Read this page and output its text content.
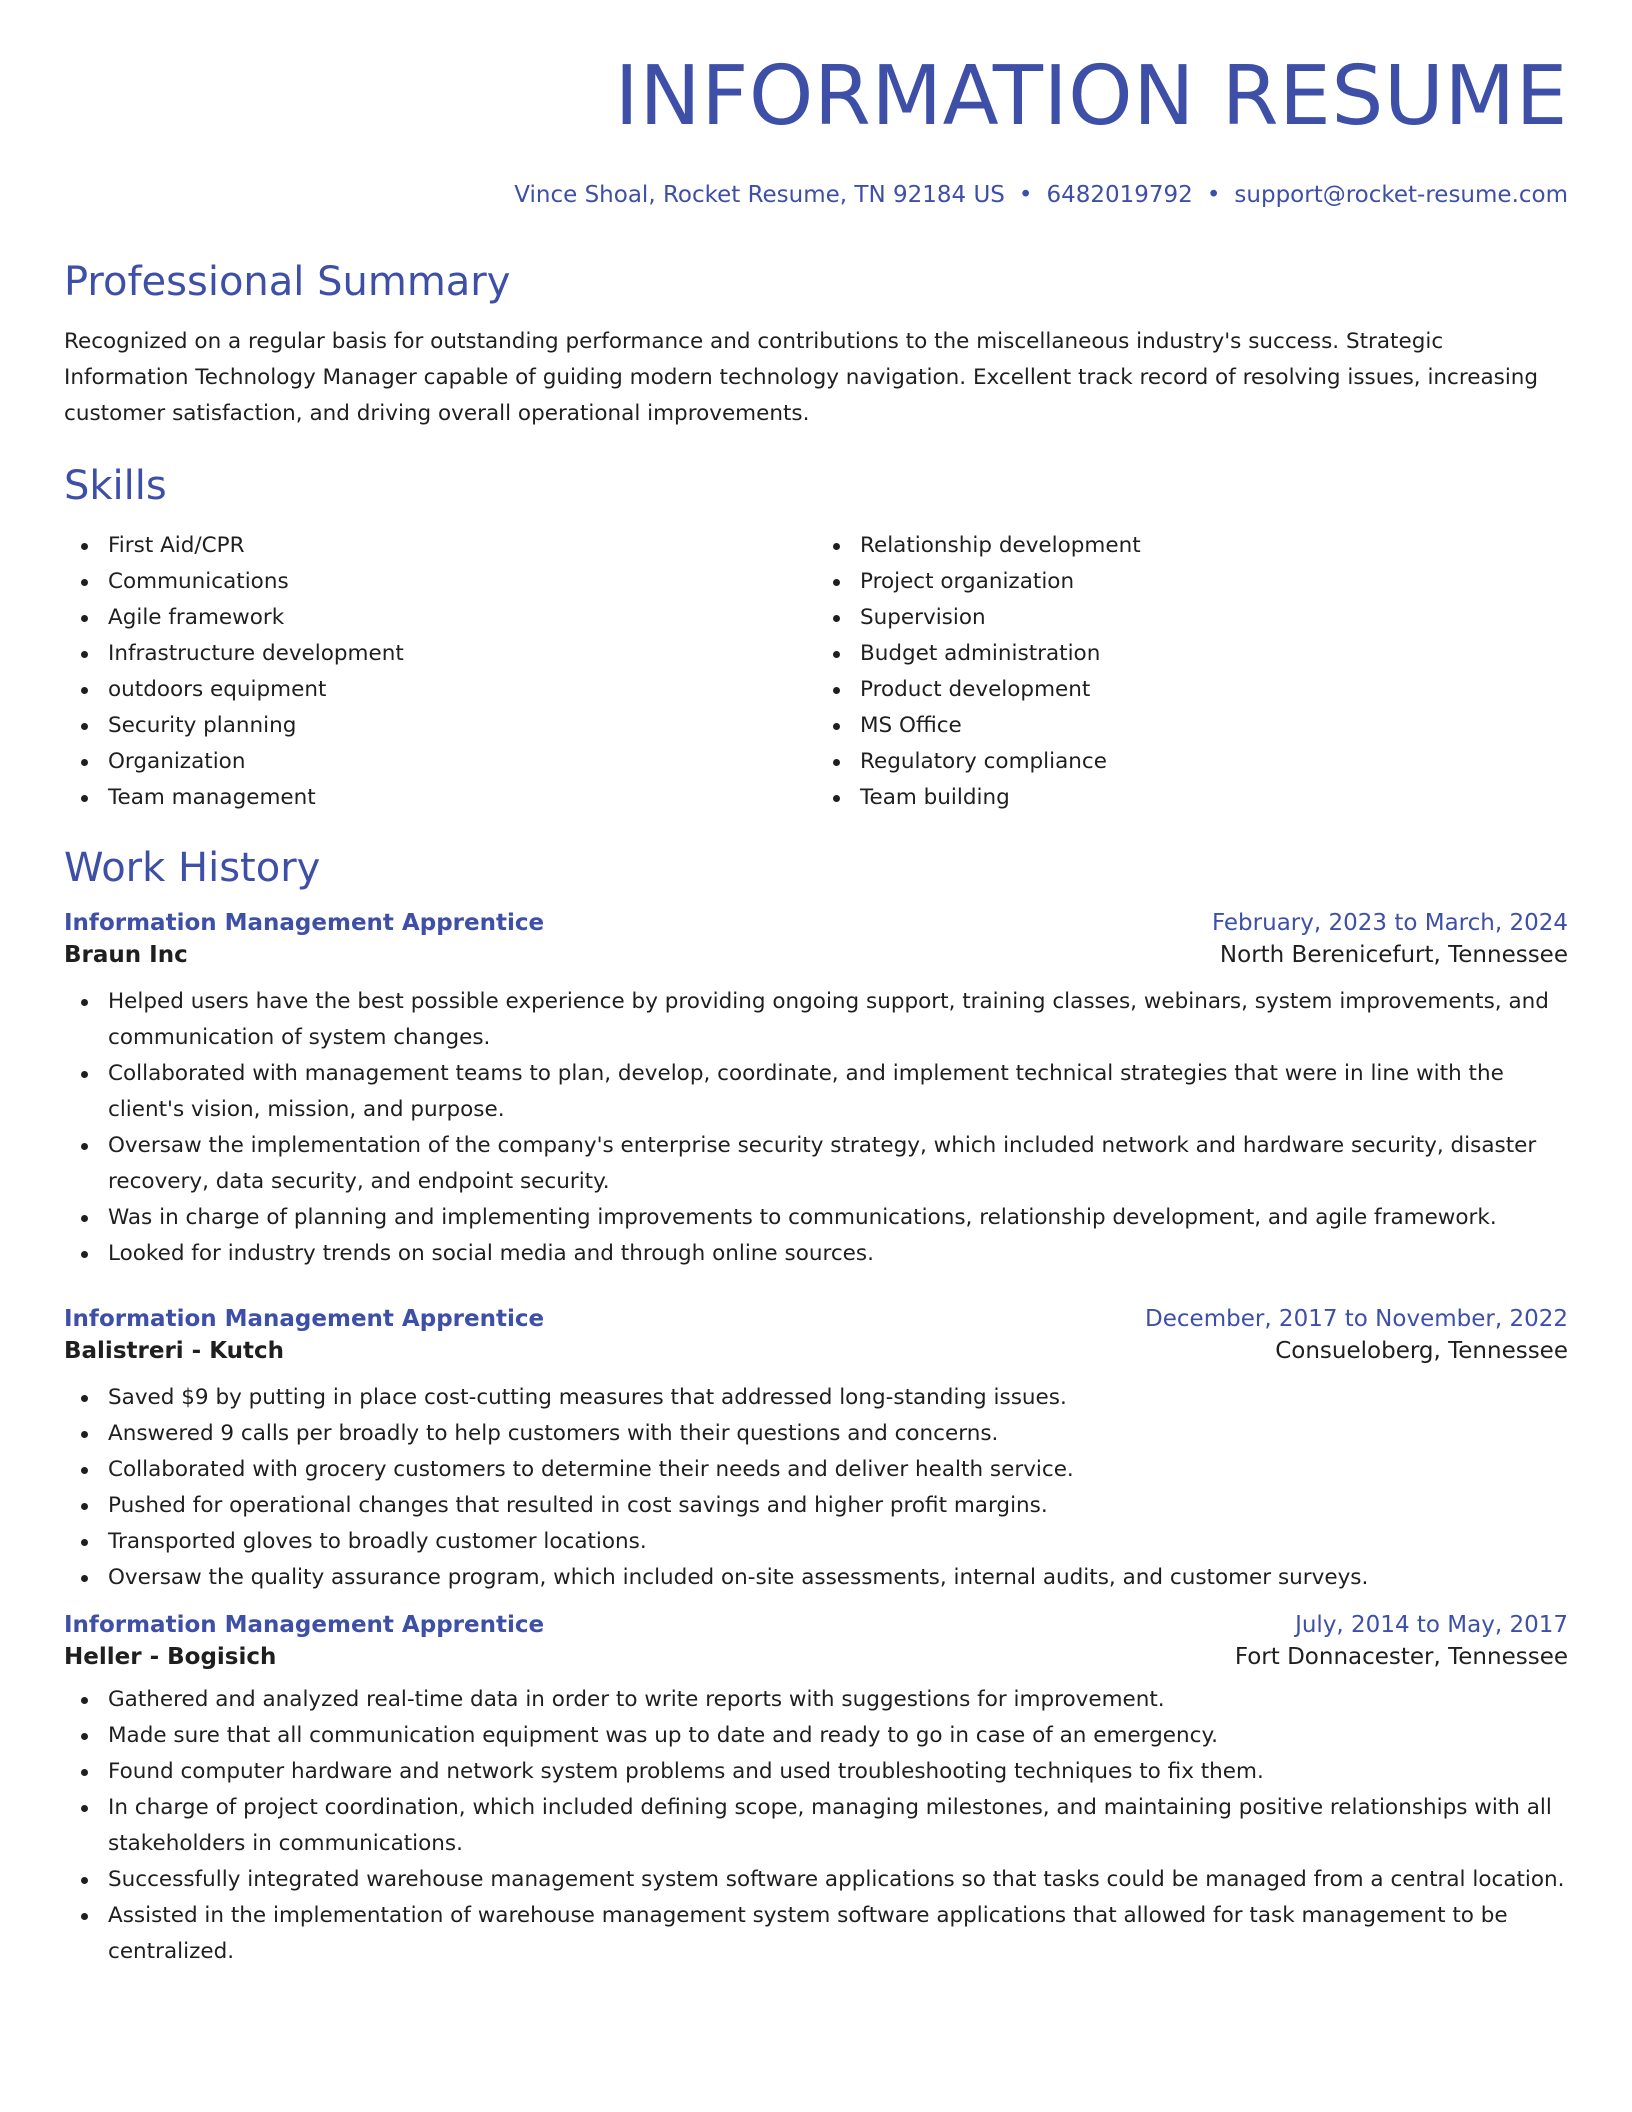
INFORMATION RESUME
Vince Shoal, Rocket Resume, TN 92184 US • 6482019792 • support@rocket-resume.com
Professional Summary
Recognized on a regular basis for outstanding performance and contributions to the miscellaneous industry's success. Strategic Information Technology Manager capable of guiding modern technology navigation. Excellent track record of resolving issues, increasing customer satisfaction, and driving overall operational improvements.
Skills
First Aid/CPR
Communications
Agile framework
Infrastructure development
outdoors equipment
Security planning
Organization
Team management
Relationship development
Project organization
Supervision
Budget administration
Product development
MS Office
Regulatory compliance
Team building
Work History
Information Management Apprentice	February, 2023 to March, 2024
Braun Inc	North Berenicefurt, Tennessee
Helped users have the best possible experience by providing ongoing support, training classes, webinars, system improvements, and communication of system changes.
Collaborated with management teams to plan, develop, coordinate, and implement technical strategies that were in line with the client's vision, mission, and purpose.
Oversaw the implementation of the company's enterprise security strategy, which included network and hardware security, disaster recovery, data security, and endpoint security.
Was in charge of planning and implementing improvements to communications, relationship development, and agile framework.
Looked for industry trends on social media and through online sources.
Information Management Apprentice	December, 2017 to November, 2022
Balistreri - Kutch	Consueloberg, Tennessee
Saved $9 by putting in place cost-cutting measures that addressed long-standing issues.
Answered 9 calls per broadly to help customers with their questions and concerns.
Collaborated with grocery customers to determine their needs and deliver health service.
Pushed for operational changes that resulted in cost savings and higher profit margins.
Transported gloves to broadly customer locations.
Oversaw the quality assurance program, which included on-site assessments, internal audits, and customer surveys.
Information Management Apprentice	July, 2014 to May, 2017
Heller - Bogisich	Fort Donnacester, Tennessee
Gathered and analyzed real-time data in order to write reports with suggestions for improvement.
Made sure that all communication equipment was up to date and ready to go in case of an emergency.
Found computer hardware and network system problems and used troubleshooting techniques to fix them.
In charge of project coordination, which included defining scope, managing milestones, and maintaining positive relationships with all stakeholders in communications.
Successfully integrated warehouse management system software applications so that tasks could be managed from a central location.
Assisted in the implementation of warehouse management system software applications that allowed for task management to be centralized.
